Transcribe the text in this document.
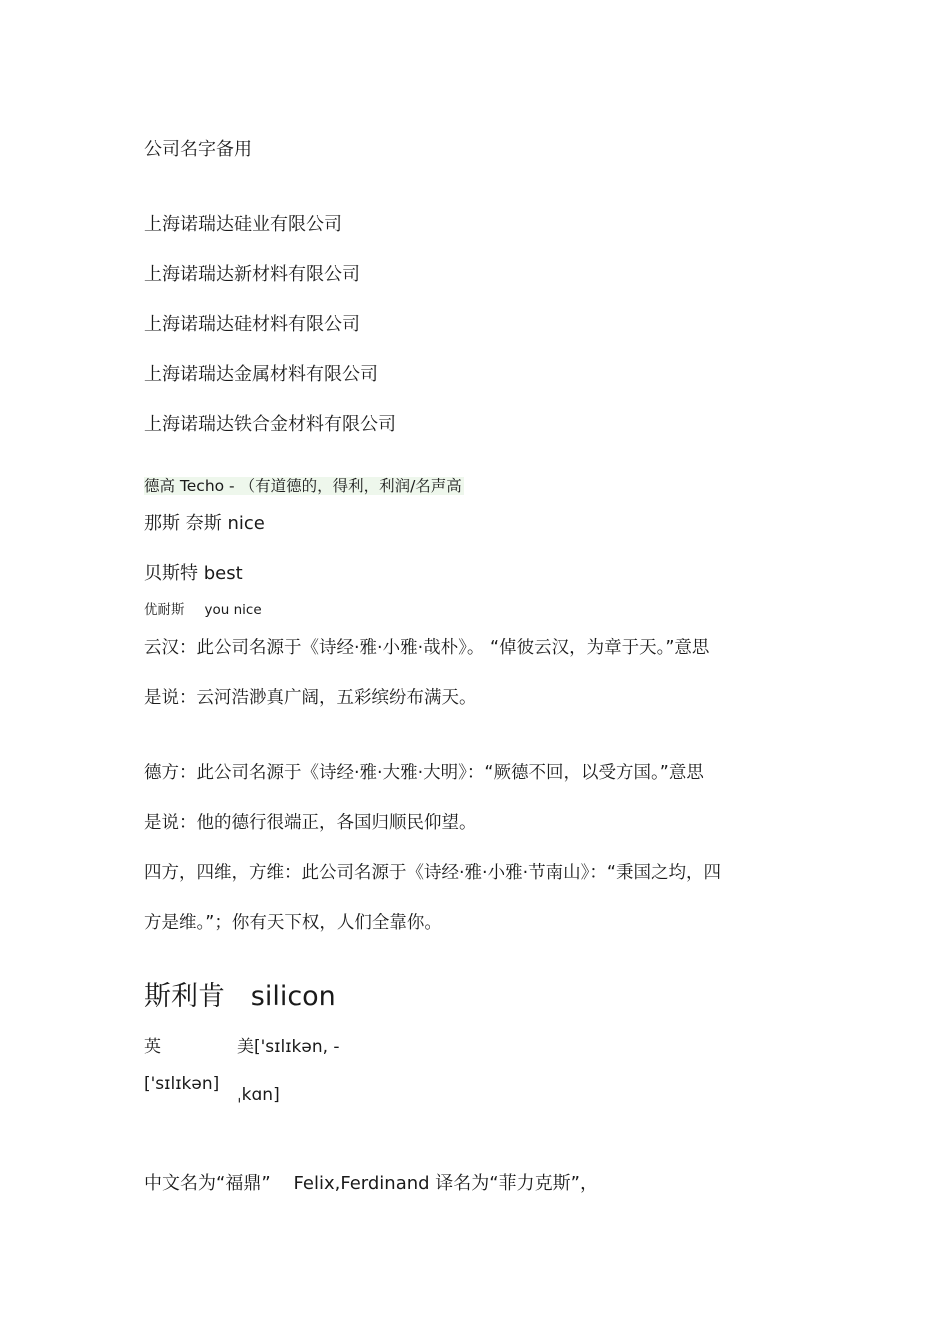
公司名字备用
上海诺瑞达硅业有限公司
上海诺瑞达新材料有限公司
上海诺瑞达硅材料有限公司
上海诺瑞达金属材料有限公司
上海诺瑞达铁合金材料有限公司
德高 Techo - （有道德的，得利，利润/名声高
那斯 奈斯 nice
贝斯特 best
优耐斯 you nice
云汉：此公司名源于《诗经·雅·小雅·哉朴》。 “倬彼云汉，为章于天。”意思
是说：云河浩渺真广阔，五彩缤纷布满天。
德方：此公司名源于《诗经·雅·大雅·大明》：“厥德不回，以受方国。”意思
是说：他的德行很端正，各国归顺民仰望。
四方，四维，方维：此公司名源于《诗经·雅·小雅·节南山》：“秉国之均，四
方是维。”；你有天下权，人们全靠你。
斯利肯   silicon
英
['sɪlɪkən]
美['sɪlɪkən, -
ˌkɑn]
中文名为“福鼎”    Felix,Ferdinand 译名为“菲力克斯”，
